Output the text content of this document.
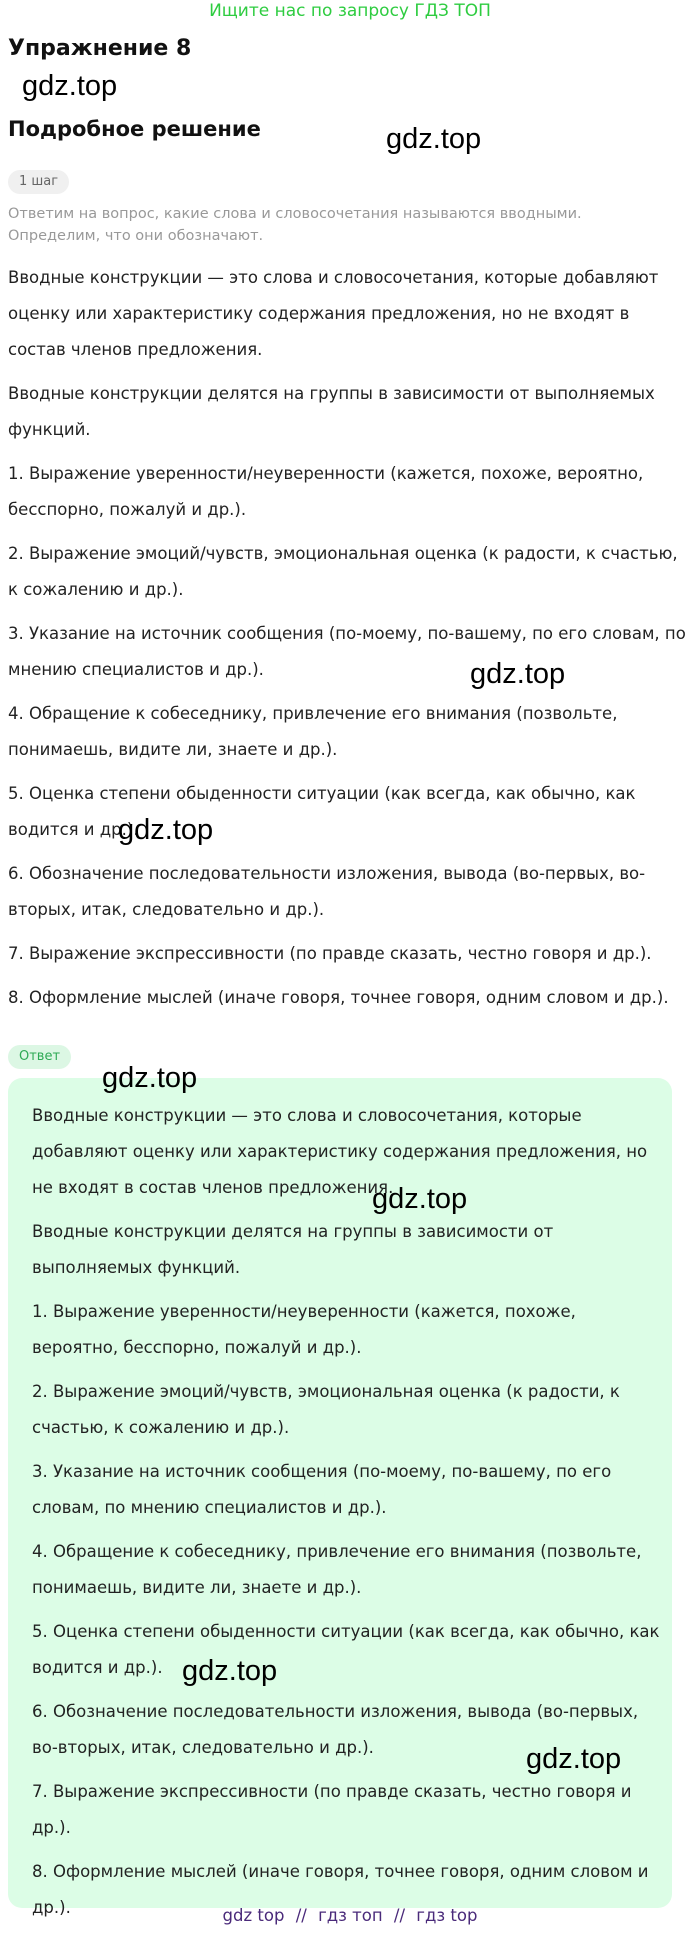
Ищите нас по запросу ГДЗ ТОП
Упражнение 8
gdz.top
Подробное решение	gdz.top
1 шаг
Ответим на вопрос, какие слова и словосочетания называются вводными. Определим, что они обозначают.

Вводные конструкции — это слова и словосочетания, которые добавляют оценку или характеристику содержания предложения, но не входят в состав членов предложения.

Вводные конструкции делятся на группы в зависимости от выполняемых функций.

1. Выражение уверенности/неуверенности (кажется, похоже, вероятно, бесспорно, пожалуй и др.).

2. Выражение эмоций/чувств, эмоциональная оценка (к радости, к счастью, к сожалению и др.).

3. Указание на источник сообщения (по-моему, по-вашему, по его словам, по мнению специалистов и др.).

4. Обращение к собеседнику, привлечение его внимания (позвольте, понимаешь, видите ли, знаете и др.).

5. Оценка степени обыденности ситуации (как всегда, как обычно, как водится и др.).

6. Обозначение последовательности изложения, вывода (во-первых, во-вторых, итак, следовательно и др.).

7. Выражение экспрессивности (по правде сказать, честно говоря и др.).

8. Оформление мыслей (иначе говоря, точнее говоря, одним словом и др.).

gdz.top
gdz.top
Ответ

Вводные конструкции — это слова и словосочетания, которые добавляют оценку или характеристику содержания предложения, но не входят в состав членов предложения.

Вводные конструкции делятся на группы в зависимости от выполняемых функций.

1. Выражение уверенности/неуверенности (кажется, похоже, вероятно, бесспорно, пожалуй и др.).

2. Выражение эмоций/чувств, эмоциональная оценка (к радости, к счастью, к сожалению и др.).

3. Указание на источник сообщения (по-моему, по-вашему, по его словам, по мнению специалистов и др.).

4. Обращение к собеседнику, привлечение его внимания (позвольте, понимаешь, видите ли, знаете и др.).

5. Оценка степени обыденности ситуации (как всегда, как обычно, как водится и др.).

6. Обозначение последовательности изложения, вывода (во-первых, во-вторых, итак, следовательно и др.).

7. Выражение экспрессивности (по правде сказать, честно говоря и др.).

8. Оформление мыслей (иначе говоря, точнее говоря, одним словом и др.).

gdz.top
gdz.top
gdz.top
gdz.top
gdz top // гдз топ // гдз top
